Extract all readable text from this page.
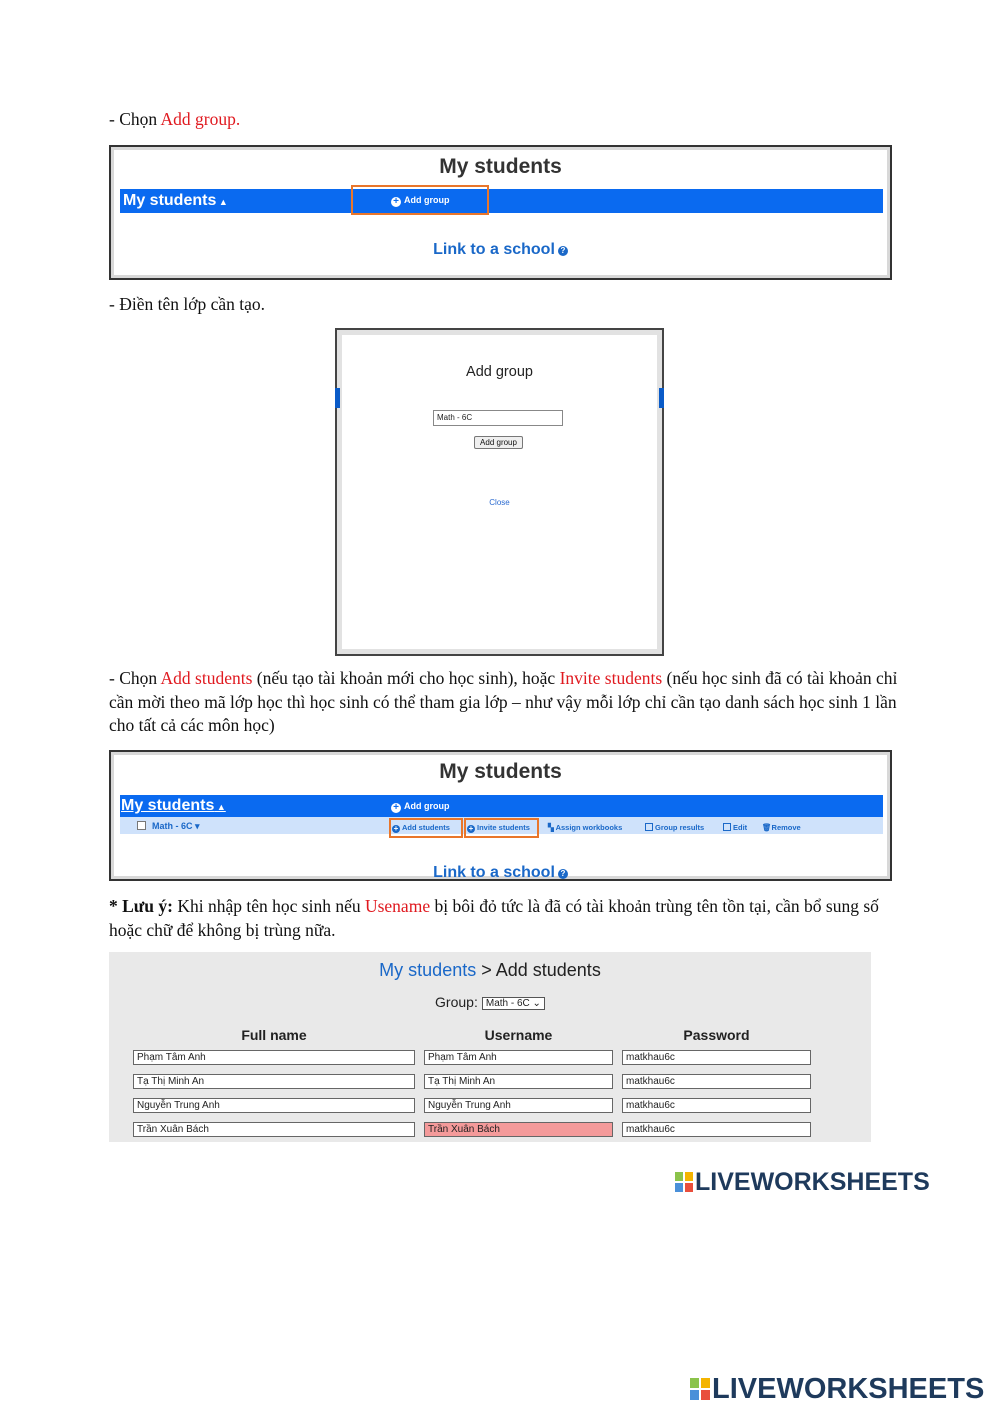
- Chọn Add group.
My students
My students ▲	+ Add group
Link to a school ?
- Điền tên lớp cần tạo.
Add group
Math - 6C
Add group
Close
- Chọn Add students (nếu tạo tài khoản mới cho học sinh), hoặc Invite students (nếu học sinh đã có tài khoản chỉ cần mời theo mã lớp học thì học sinh có thể tham gia lớp – như vậy mỗi lớp chỉ cần tạo danh sách học sinh 1 lần cho tất cả các môn học)
My students
My students ▲	+ Add group
Math - 6C ▾	+ Add students + Invite students ▚ Assign workbooks	Group results	Edit 🗑Remove
Link to a school ?
* Lưu ý: Khi nhập tên học sinh nếu Usename bị bôi đỏ tức là đã có tài khoản trùng tên tồn tại, cần bổ sung số hoặc chữ để không bị trùng nữa.
My students > Add students
Group: Math - 6C ⌄
Full name	Username	Password
Phạm Tâm Anh	Phạm Tâm Anh	matkhau6c
Tạ Thị Minh An	Tạ Thị Minh An	matkhau6c
Nguyễn Trung Anh	Nguyễn Trung Anh	matkhau6c
Trần Xuân Bách	Trần Xuân Bách	matkhau6c
LIVEWORKSHEETS
LIVEWORKSHEETS
